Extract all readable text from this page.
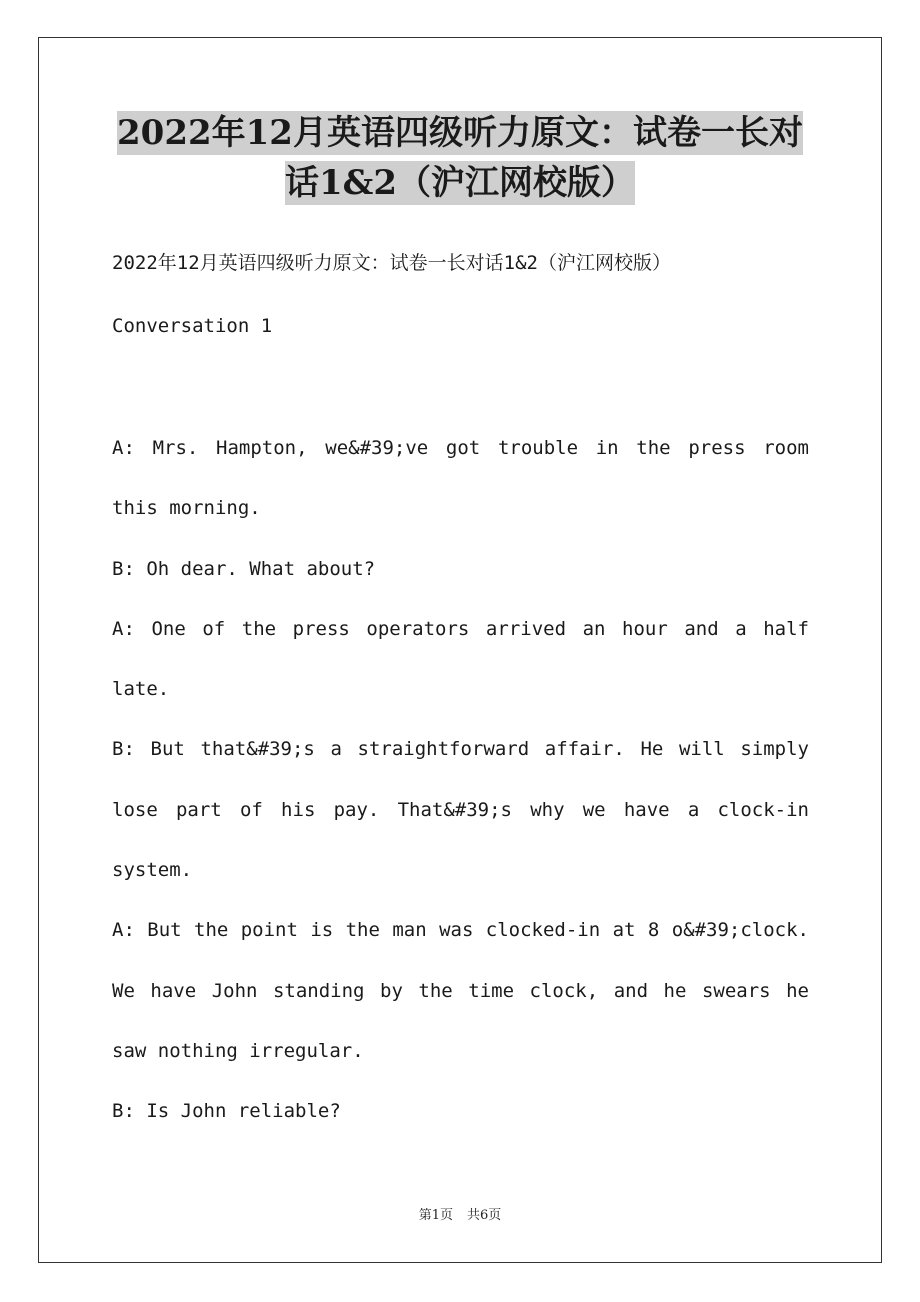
2022年12月英语四级听力原文：试卷一长对
话1&2（沪江网校版）

2022年12月英语四级听力原文：试卷一长对话1&2（沪江网校版）

Conversation 1

A: Mrs. Hampton, we&#39;ve got trouble in the press room this morning.

B: Oh dear. What about?

A: One of the press operators arrived an hour and a half late.

B: But that&#39;s a straightforward affair. He will simply lose part of his pay. That&#39;s why we have a clock-in system.

A: But the point is the man was clocked-in at 8 o&#39;clock. We have John standing by the time clock, and he swears he saw nothing irregular.

B: Is John reliable?

第1页 共6页
